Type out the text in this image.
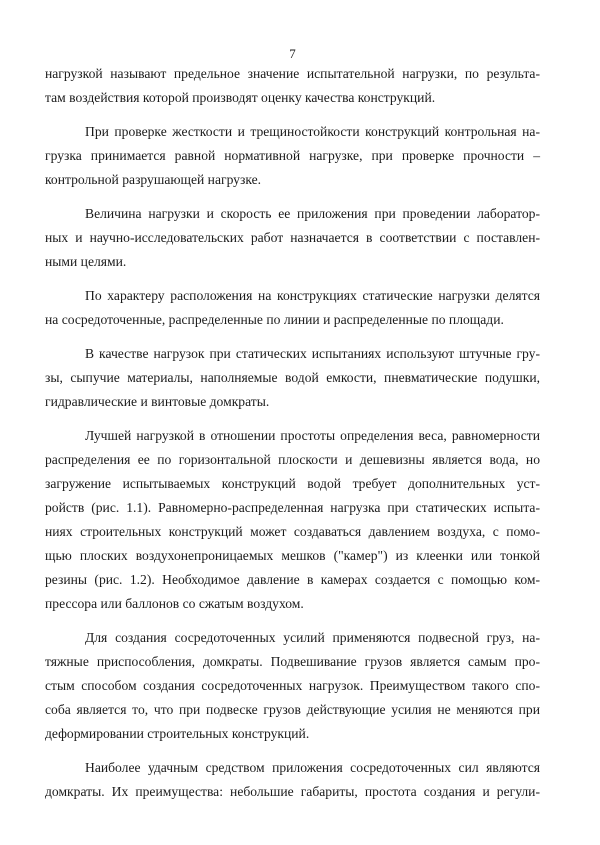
7
нагрузкой называют предельное значение испытательной нагрузки, по результа-
там воздействия которой производят оценку качества конструкций.
При проверке жесткости и трещиностойкости конструкций контрольная на-
грузка принимается равной нормативной нагрузке, при проверке прочности –
контрольной разрушающей нагрузке.
Величина нагрузки и скорость ее приложения при проведении лаборатор-
ных и научно-исследовательских работ назначается в соответствии с поставлен-
ными целями.
По характеру расположения на конструкциях статические нагрузки делятся
на сосредоточенные, распределенные по линии и распределенные по площади.
В качестве нагрузок при статических испытаниях используют штучные гру-
зы, сыпучие материалы, наполняемые водой емкости, пневматические подушки,
гидравлические и винтовые домкраты.
Лучшей нагрузкой в отношении простоты определения веса, равномерности
распределения ее по горизонтальной плоскости и дешевизны является вода, но
загружение испытываемых конструкций водой требует дополнительных уст-
ройств (рис. 1.1). Равномерно-распределенная нагрузка при статических испыта-
ниях строительных конструкций может создаваться давлением воздуха, с помо-
щью плоских воздухонепроницаемых мешков ("камер") из клеенки или тонкой
резины (рис. 1.2). Необходимое давление в камерах создается с помощью ком-
прессора или баллонов со сжатым воздухом.
Для создания сосредоточенных усилий применяются подвесной груз, на-
тяжные приспособления, домкраты. Подвешивание грузов является самым про-
стым способом создания сосредоточенных нагрузок. Преимуществом такого спо-
соба является то, что при подвеске грузов действующие усилия не меняются при
деформировании строительных конструкций.
Наиболее удачным средством приложения сосредоточенных сил являются
домкраты. Их преимущества: небольшие габариты, простота создания и регули-
